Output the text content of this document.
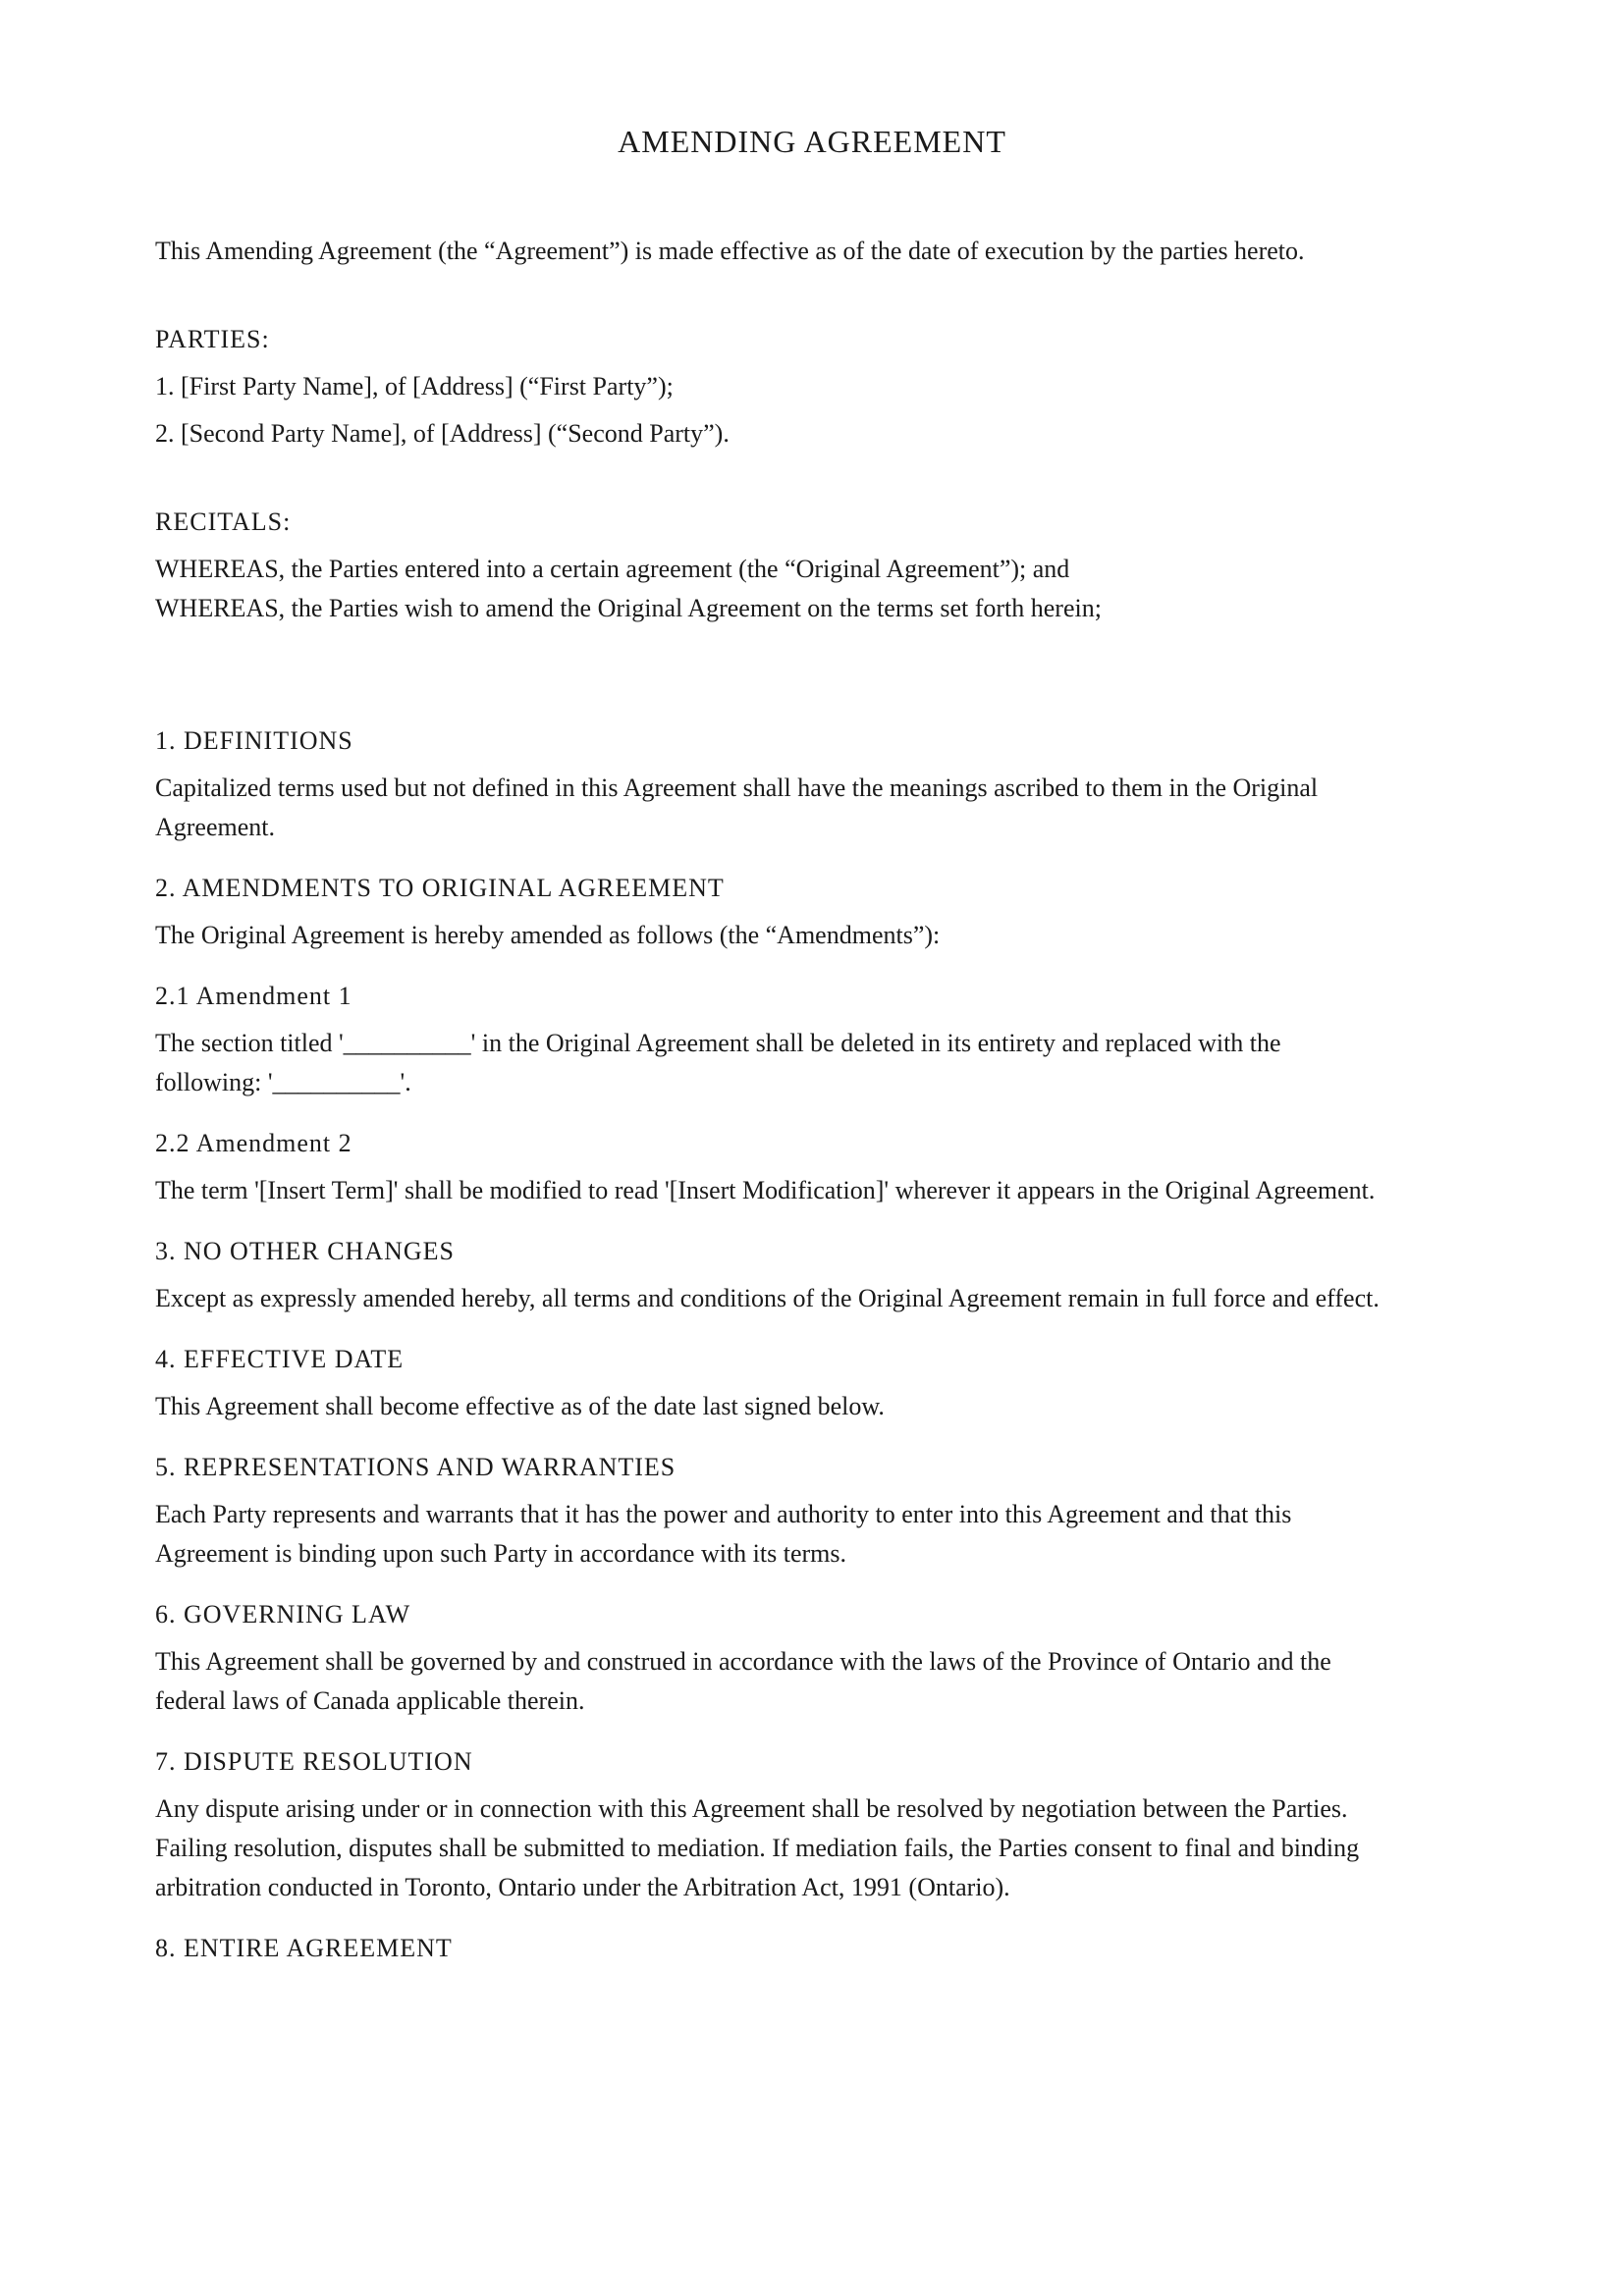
AMENDING AGREEMENT

This Amending Agreement (the “Agreement”) is made effective as of the date of execution by the parties hereto.

PARTIES:
1. [First Party Name], of [Address] (“First Party”);
2. [Second Party Name], of [Address] (“Second Party”).
RECITALS:
WHEREAS, the Parties entered into a certain agreement (the “Original Agreement”); and
WHEREAS, the Parties wish to amend the Original Agreement on the terms set forth herein;
1. DEFINITIONS
Capitalized terms used but not defined in this Agreement shall have the meanings ascribed to them in the Original
Agreement.
2. AMENDMENTS TO ORIGINAL AGREEMENT
The Original Agreement is hereby amended as follows (the “Amendments”):
2.1 Amendment 1
The section titled '__________' in the Original Agreement shall be deleted in its entirety and replaced with the
following: '__________'.
2.2 Amendment 2
The term '[Insert Term]' shall be modified to read '[Insert Modification]' wherever it appears in the Original Agreement.
3. NO OTHER CHANGES
Except as expressly amended hereby, all terms and conditions of the Original Agreement remain in full force and effect.
4. EFFECTIVE DATE
This Agreement shall become effective as of the date last signed below.
5. REPRESENTATIONS AND WARRANTIES
Each Party represents and warrants that it has the power and authority to enter into this Agreement and that this
Agreement is binding upon such Party in accordance with its terms.
6. GOVERNING LAW
This Agreement shall be governed by and construed in accordance with the laws of the Province of Ontario and the
federal laws of Canada applicable therein.
7. DISPUTE RESOLUTION
Any dispute arising under or in connection with this Agreement shall be resolved by negotiation between the Parties.
Failing resolution, disputes shall be submitted to mediation. If mediation fails, the Parties consent to final and binding
arbitration conducted in Toronto, Ontario under the Arbitration Act, 1991 (Ontario).
8. ENTIRE AGREEMENT
